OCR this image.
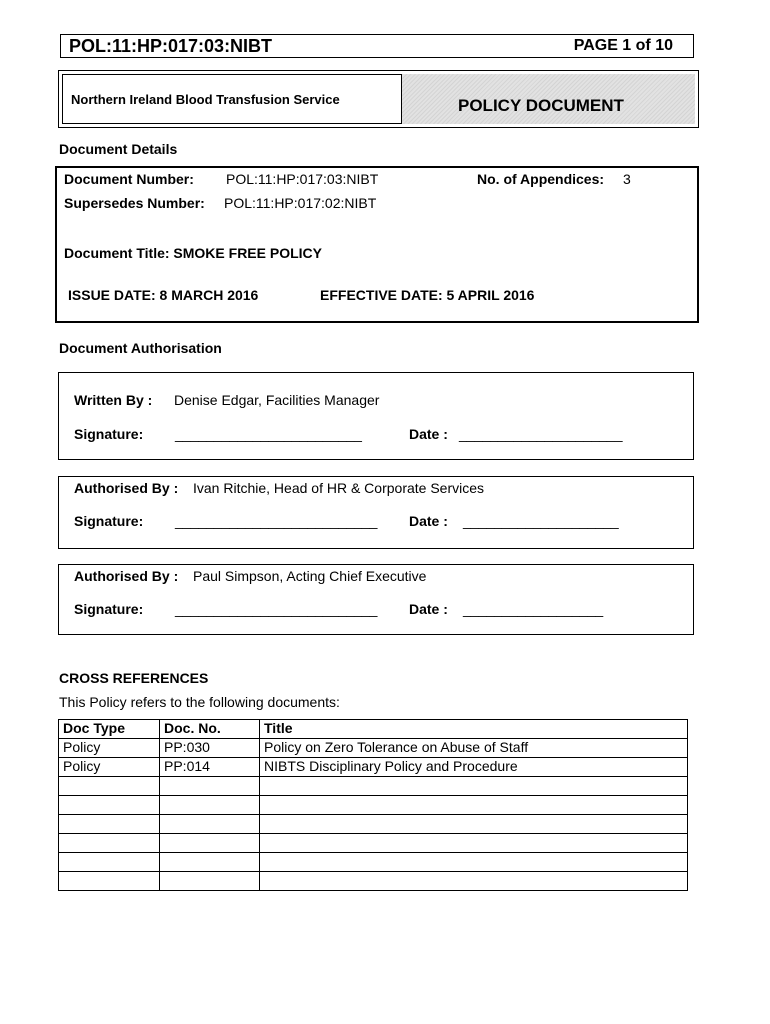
POL:11:HP:017:03:NIBT	PAGE 1 of 10
Northern Ireland Blood Transfusion Service	POLICY DOCUMENT
Document Details
Document Number: POL:11:HP:017:03:NIBT	No. of Appendices: 3
Supersedes Number: POL:11:HP:017:02:NIBT
Document Title: SMOKE FREE POLICY
ISSUE DATE: 8 MARCH 2016	EFFECTIVE DATE: 5 APRIL 2016
Document Authorisation
Written By : Denise Edgar, Facilities Manager
Signature: ________________________	Date : _____________________
Authorised By : Ivan Ritchie, Head of HR & Corporate Services
Signature: __________________________ Date : ____________________
Authorised By : Paul Simpson, Acting Chief Executive
Signature: __________________________ Date : __________________
CROSS REFERENCES
This Policy refers to the following documents:
Doc Type	Doc. No.	Title
Policy	PP:030	Policy on Zero Tolerance on Abuse of Staff
Policy	PP:014	NIBTS Disciplinary Policy and Procedure
